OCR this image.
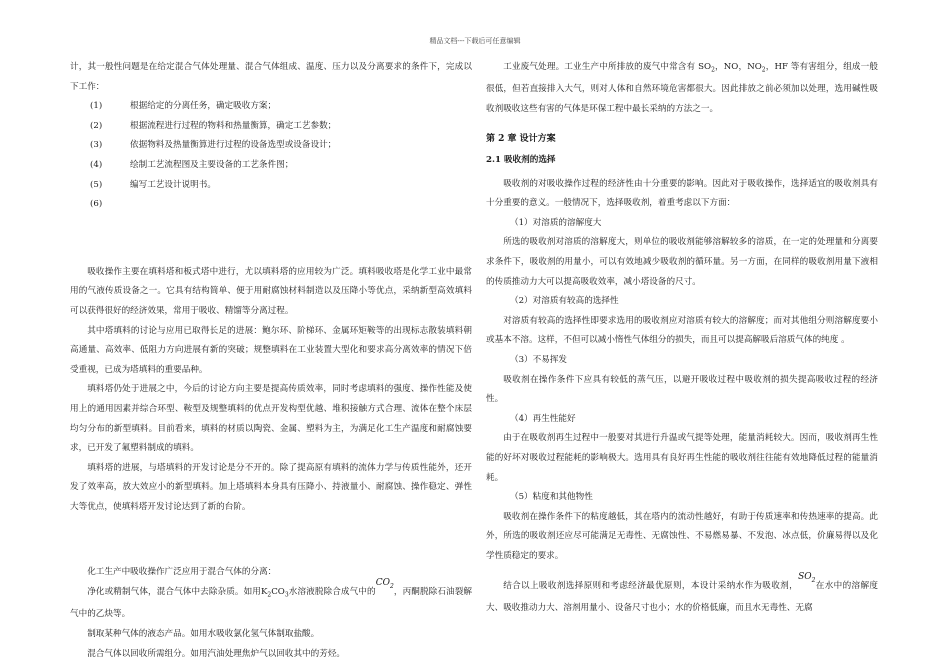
精品文档---下载后可任意编辑

计，其一般性问题是在给定混合气体处理量、混合气体组成、温度、压力以及分离要求的条件下，完成以下工作：

(1)	根据给定的分离任务，确定吸收方案；
(2)	根据流程进行过程的物料和热量衡算，确定工艺参数；
(3)	依据物料及热量衡算进行过程的设备选型或设备设计；
(4)	绘制工艺流程图及主要设备的工艺条件图；
(5)	编写工艺设计说明书。
(6)

吸收操作主要在填料塔和板式塔中进行，尤以填料塔的应用较为广泛。填料吸收塔是化学工业中最常用的气液传质设备之一。它具有结构简单、便于用耐腐蚀材料制造以及压降小等优点，采纳新型高效填料可以获得很好的经济效果，常用于吸收、精馏等分离过程。

其中塔填料的讨论与应用已取得长足的进展：鲍尔环、阶梯环、金属环矩鞍等的出现标志散装填料朝高通量、高效率、低阻力方向进展有新的突破；规整填料在工业装置大型化和要求高分离效率的情况下倍受重视，已成为塔填料的重要品种。

填料塔仍处于进展之中，今后的讨论方向主要是提高传质效率，同时考虑填料的强度、操作性能及使用上的通用因素并综合环型、鞍型及规整填料的优点开发构型优越、堆积接触方式合理、流体在整个床层均匀分布的新型填料。目前看来，填料的材质以陶瓷、金属、塑料为主，为满足化工生产温度和耐腐蚀要求，已开发了氟塑料制成的填料。

填料塔的进展，与塔填料的开发讨论是分不开的。除了提高原有填料的流体力学与传质性能外，还开发了效率高，放大效应小的新型填料。加上塔填料本身具有压降小、持液量小、耐腐蚀、操作稳定、弹性大等优点，使填料塔开发讨论达到了新的台阶。

化工生产中吸收操作广泛应用于混合气体的分离：

净化或精制气体，混合气体中去除杂质。如用$K_2CO_3$水溶液脱除合成气中的$CO_2$，丙酮脱除石油裂解气中的乙炔等。

制取某种气体的液态产品。如用水吸收氯化氢气体制取盐酸。

混合气体以回收所需组分。如用汽油处理焦炉气以回收其中的芳烃。

工业废气处理。工业生产中所排放的废气中常含有 $SO_2$，NO，$NO_2$，HF 等有害组分，组成一般很低，但若直接排入大气，则对人体和自然环境危害都很大。因此排放之前必须加以处理，选用碱性吸收剂吸收这些有害的气体是环保工程中最长采纳的方法之一。

第 2 章 设计方案
2.1 吸收剂的选择

吸收剂的对吸收操作过程的经济性由十分重要的影响。因此对于吸收操作，选择适宜的吸收剂具有十分重要的意义。一般情况下，选择吸收剂，着重考虑以下方面：

（1）对溶质的溶解度大

所选的吸收剂对溶质的溶解度大，则单位的吸收剂能够溶解较多的溶质，在一定的处理量和分离要求条件下，吸收剂的用量小，可以有效地减少吸收剂的循环量。另一方面，在同样的吸收剂用量下液相的传质推动力大可以提高吸收效率，减小塔设备的尺寸。

（2）对溶质有较高的选择性

对溶质有较高的选择性即要求选用的吸收剂应对溶质有较大的溶解度；而对其他组分则溶解度要小或基本不溶。这样，不但可以减小惰性气体组分的损失，而且可以提高解吸后溶质气体的纯度 。

（3）不易挥发

吸收剂在操作条件下应具有较低的蒸气压，以避开吸收过程中吸收剂的损失提高吸收过程的经济性。

（4）再生性能好

由于在吸收剂再生过程中一般要对其进行升温或气提等处理，能量消耗较大。因而，吸收剂再生性能的好坏对吸收过程能耗的影响极大。选用具有良好再生性能的吸收剂往往能有效地降低过程的能量消耗。

（5）粘度和其他物性

吸收剂在操作条件下的粘度越低，其在塔内的流动性越好，有助于传质速率和传热速率的提高。此外，所选的吸收剂还应尽可能满足无毒性、无腐蚀性、不易燃易暴、不发泡、冰点低，价廉易得以及化学性质稳定的要求。

结合以上吸收剂选择原则和考虑经济最优原则，本设计采纳水作为吸收剂，$SO_2$在水中的溶解度大、吸收推动力大、溶剂用量小、设备尺寸也小；水的价格低廉，而且水无毒性、无腐
